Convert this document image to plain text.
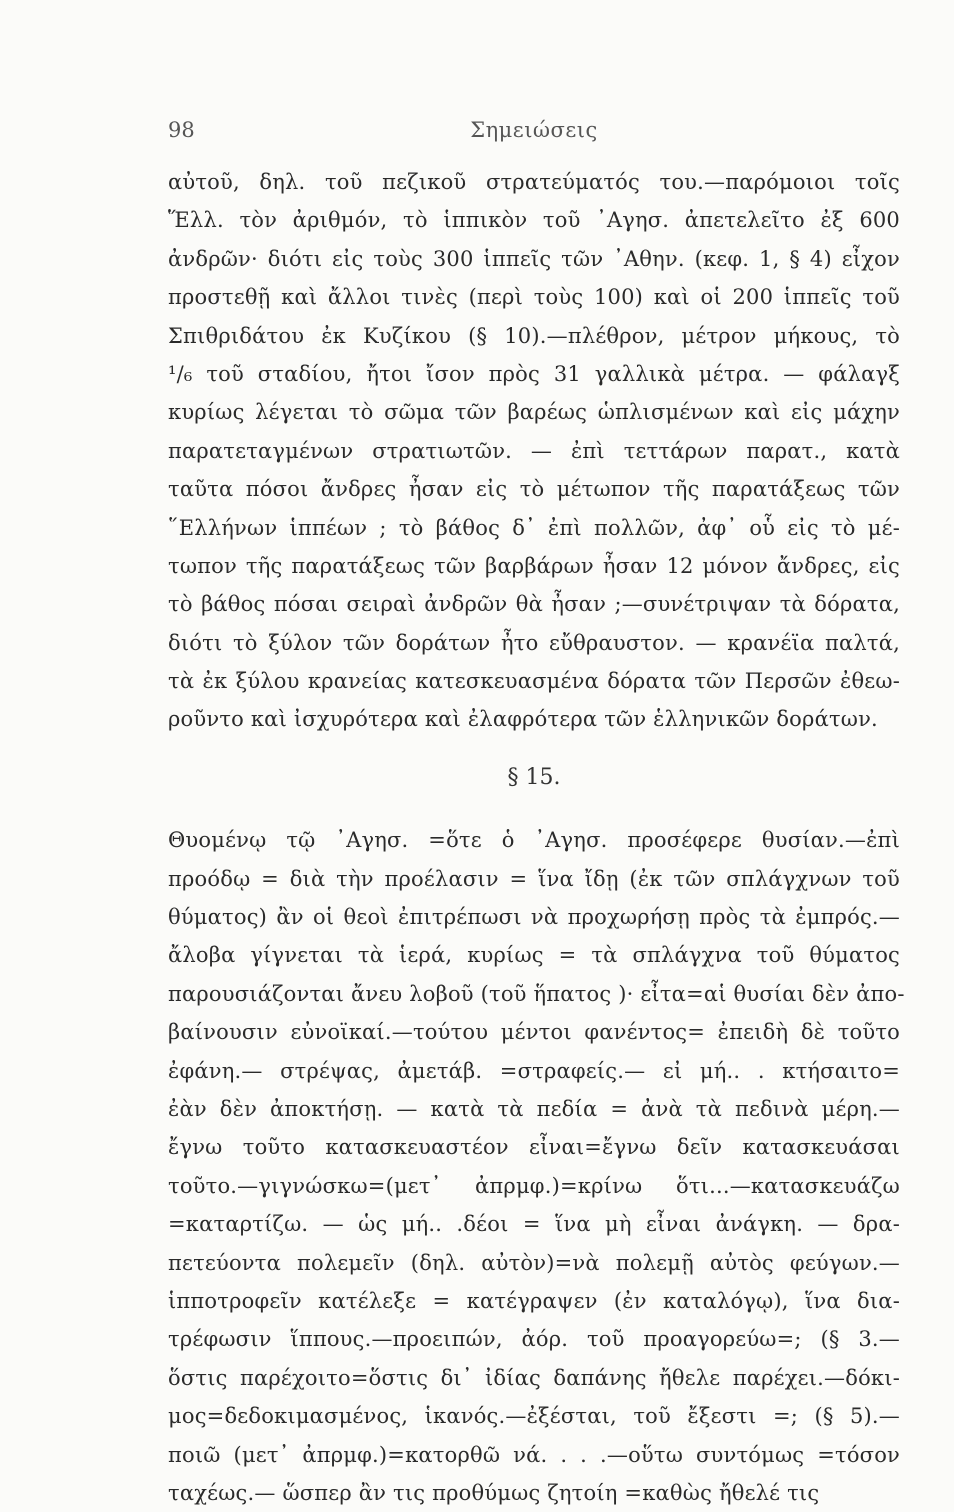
98	Σημειώσεις
αὐτοῦ, δηλ. τοῦ πεζικοῦ στρατεύματός του.—παρόμοιοι τοῖς
Ἕλλ. τὸν ἀριθμόν, τὸ ἱππικὸν τοῦ ᾿Αγησ. ἀπετελεῖτο ἐξ 600
ἀνδρῶν· διότι εἰς τοὺς 300 ἱππεῖς τῶν ᾿Αθην. (κεφ. 1, § 4) εἶχον
προστεθῇ καὶ ἄλλοι τινὲς (περὶ τοὺς 100) καὶ οἱ 200 ἱππεῖς τοῦ
Σπιθριδάτου ἐκ Κυζίκου (§ 10).—πλέθρον, μέτρον μήκους, τὸ
¹/₆ τοῦ σταδίου, ἤτοι ἴσον πρὸς 31 γαλλικὰ μέτρα. — φάλαγξ
κυρίως λέγεται τὸ σῶμα τῶν βαρέως ὡπλισμένων καὶ εἰς μάχην
παρατεταγμένων στρατιωτῶν. — ἐπὶ τεττάρων παρατ., κατὰ
ταῦτα πόσοι ἄνδρες ἦσαν εἰς τὸ μέτωπον τῆς παρατάξεως τῶν
῞Ελλήνων ἱππέων ; τὸ βάθος δ᾽ ἐπὶ πολλῶν, ἀφ᾽ οὗ εἰς τὸ μέ-
τωπον τῆς παρατάξεως τῶν βαρβάρων ἦσαν 12 μόνον ἄνδρες, εἰς
τὸ βάθος πόσαι σειραὶ ἀνδρῶν θὰ ἦσαν ;—συνέτριψαν τὰ δόρατα,
διότι τὸ ξύλον τῶν δοράτων ἦτο εὔθραυστον. — κρανέϊα παλτά,
τὰ ἐκ ξύλου κρανείας κατεσκευασμένα δόρατα τῶν Περσῶν ἐθεω-
ροῦντο καὶ ἰσχυρότερα καὶ ἐλαφρότερα τῶν ἑλληνικῶν δοράτων.
§ 15.
Θυομένῳ τῷ ᾿Αγησ. =ὅτε ὁ ᾿Αγησ. προσέφερε θυσίαν.—ἐπὶ
προόδῳ = διὰ τὴν προέλασιν = ἵνα ἴδῃ (ἐκ τῶν σπλάγχνων τοῦ
θύματος) ἂν οἱ θεοὶ ἐπιτρέπωσι νὰ προχωρήσῃ πρὸς τὰ ἐμπρός.—
ἄλοβα γίγνεται τὰ ἱερά, κυρίως = τὰ σπλάγχνα τοῦ θύματος
παρουσιάζονται ἄνευ λοβοῦ (τοῦ ἥπατος )· εἶτα=αἱ θυσίαι δὲν ἀπο-
βαίνουσιν εὐνοϊκαί.—τούτου μέντοι φανέντος= ἐπειδὴ δὲ τοῦτο
ἐφάνη.— στρέψας, ἀμετάβ. =στραφείς.— εἰ μή.. . κτήσαιτο=
ἐὰν δὲν ἀποκτήσῃ. — κατὰ τὰ πεδία = ἀνὰ τὰ πεδινὰ μέρη.—
ἔγνω τοῦτο κατασκευαστέον εἶναι=ἔγνω δεῖν κατασκευάσαι
τοῦτο.—γιγνώσκω=(μετ᾽ ἀπρμφ.)=κρίνω ὅτι...—κατασκευάζω
=καταρτίζω. — ὡς μή.. .δέοι = ἵνα μὴ εἶναι ἀνάγκη. — δρα-
πετεύοντα πολεμεῖν (δηλ. αὐτὸν)=νὰ πολεμῇ αὐτὸς φεύγων.—
ἱπποτροφεῖν κατέλεξε = κατέγραψεν (ἐν καταλόγῳ), ἵνα δια-
τρέφωσιν ἵππους.—προειπών, ἀόρ. τοῦ προαγορεύω=; (§ 3.—
ὅστις παρέχοιτο=ὅστις δι᾽ ἰδίας δαπάνης ἤθελε παρέχει.—δόκι-
μος=δεδοκιμασμένος, ἱκανός.—ἐξέσται, τοῦ ἔξεστι =; (§ 5).—
ποιῶ (μετ᾽ ἀπρμφ.)=κατορθῶ νά. . . .—οὕτω συντόμως =τόσον
ταχέως.— ὥσπερ ἂν τις προθύμως ζητοίη =καθὼς ἤθελέ τις
